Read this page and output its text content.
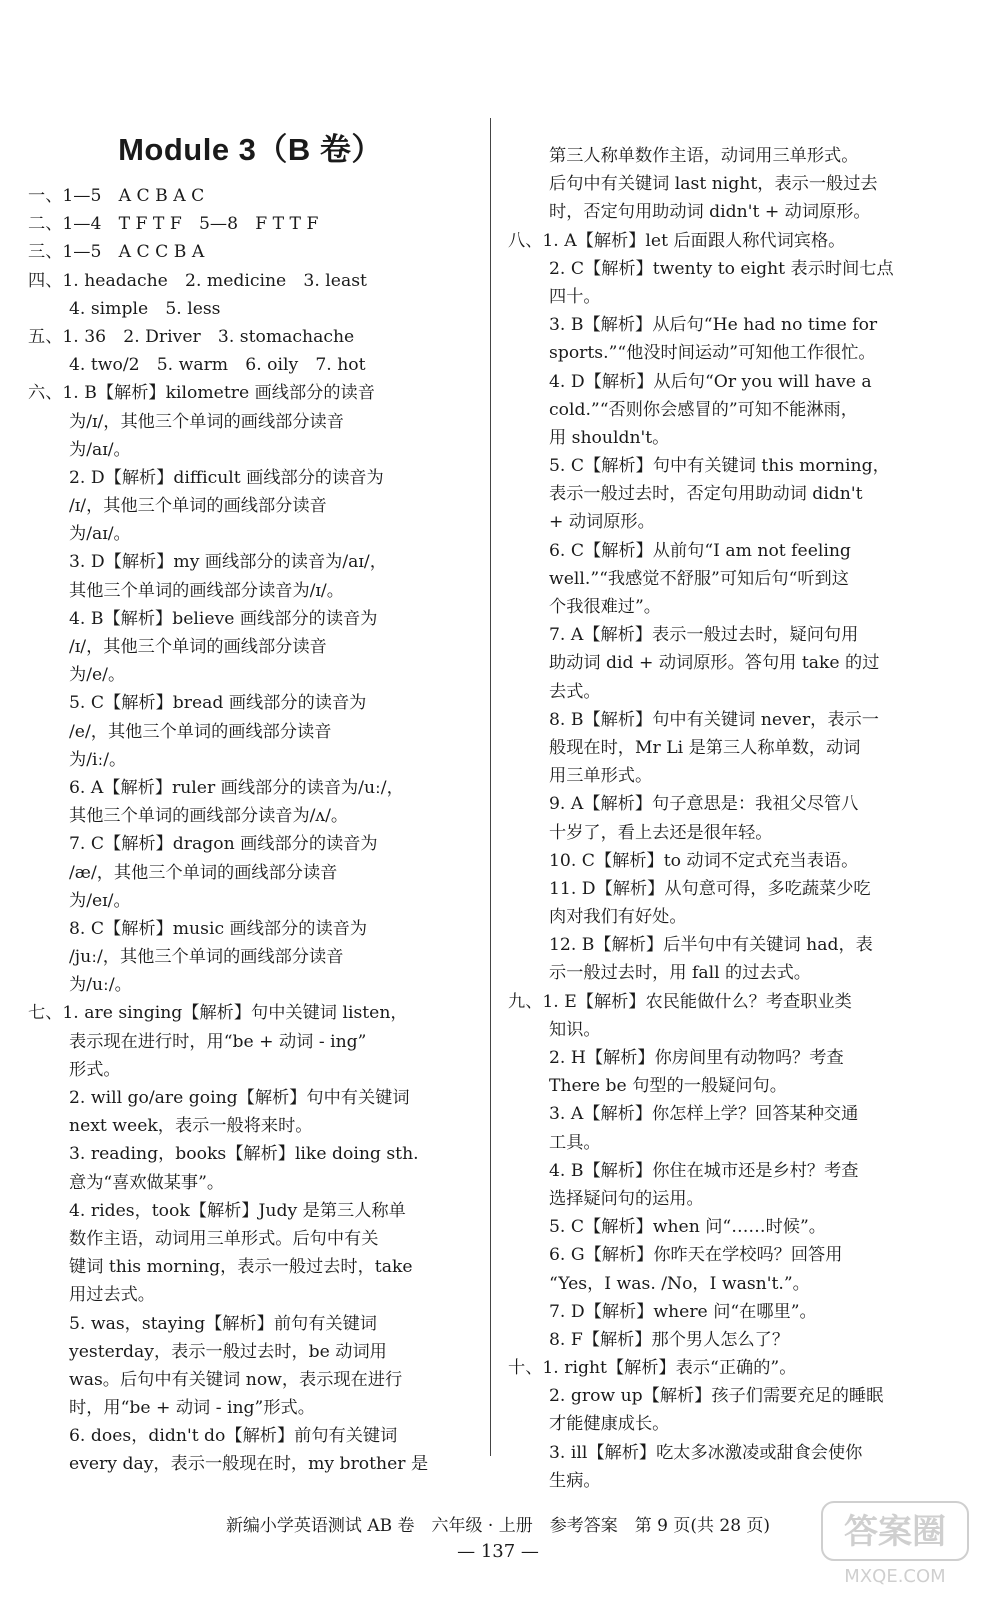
Module 3（B 卷）
一、1—5　A C B A C
二、1—4　T F T F　5—8　F T T F
三、1—5　A C C B A
四、1. headache　2. medicine　3. least
4. simple　5. less
五、1. 36　2. Driver　3. stomachache
4. two/2　5. warm　6. oily　7. hot
六、1. B【解析】kilometre 画线部分的读音
为/ɪ/，其他三个单词的画线部分读音
为/aɪ/。
2. D【解析】difficult 画线部分的读音为
/ɪ/，其他三个单词的画线部分读音
为/aɪ/。
3. D【解析】my 画线部分的读音为/aɪ/，
其他三个单词的画线部分读音为/ɪ/。
4. B【解析】believe 画线部分的读音为
/ɪ/，其他三个单词的画线部分读音
为/e/。
5. C【解析】bread 画线部分的读音为
/e/，其他三个单词的画线部分读音
为/iː/。
6. A【解析】ruler 画线部分的读音为/uː/，
其他三个单词的画线部分读音为/ʌ/。
7. C【解析】dragon 画线部分的读音为
/æ/，其他三个单词的画线部分读音
为/eɪ/。
8. C【解析】music 画线部分的读音为
/juː/，其他三个单词的画线部分读音
为/uː/。
七、1. are singing【解析】句中关键词 listen，
表示现在进行时，用“be + 动词 - ing”
形式。
2. will go/are going【解析】句中有关键词
next week，表示一般将来时。
3. reading，books【解析】like doing sth.
意为“喜欢做某事”。
4. rides，took【解析】Judy 是第三人称单
数作主语，动词用三单形式。后句中有关
键词 this morning，表示一般过去时，take
用过去式。
5. was，staying【解析】前句有关键词
yesterday，表示一般过去时，be 动词用
was。后句中有关键词 now，表示现在进行
时，用“be + 动词 - ing”形式。
6. does，didn't do【解析】前句有关键词
every day，表示一般现在时，my brother 是
第三人称单数作主语，动词用三单形式。
后句中有关键词 last night，表示一般过去
时，否定句用助动词 didn't + 动词原形。
八、1. A【解析】let 后面跟人称代词宾格。
2. C【解析】twenty to eight 表示时间七点
四十。
3. B【解析】从后句“He had no time for
sports.”“他没时间运动”可知他工作很忙。
4. D【解析】从后句“Or you will have a
cold.”“否则你会感冒的”可知不能淋雨，
用 shouldn't。
5. C【解析】句中有关键词 this morning，
表示一般过去时，否定句用助动词 didn't
+ 动词原形。
6. C【解析】从前句“I am not feeling
well.”“我感觉不舒服”可知后句“听到这
个我很难过”。
7. A【解析】表示一般过去时，疑问句用
助动词 did + 动词原形。答句用 take 的过
去式。
8. B【解析】句中有关键词 never，表示一
般现在时，Mr Li 是第三人称单数，动词
用三单形式。
9. A【解析】句子意思是：我祖父尽管八
十岁了，看上去还是很年轻。
10. C【解析】to 动词不定式充当表语。
11. D【解析】从句意可得，多吃蔬菜少吃
肉对我们有好处。
12. B【解析】后半句中有关键词 had，表
示一般过去时，用 fall 的过去式。
九、1. E【解析】农民能做什么？考查职业类
知识。
2. H【解析】你房间里有动物吗？考查
There be 句型的一般疑问句。
3. A【解析】你怎样上学？回答某种交通
工具。
4. B【解析】你住在城市还是乡村？考查
选择疑问句的运用。
5. C【解析】when 问“……时候”。
6. G【解析】你昨天在学校吗？回答用
“Yes，I was. /No，I wasn't.”。
7. D【解析】where 问“在哪里”。
8. F【解析】那个男人怎么了？
十、1. right【解析】表示“正确的”。
2. grow up【解析】孩子们需要充足的睡眠
才能健康成长。
3. ill【解析】吃太多冰激凌或甜食会使你
生病。
新编小学英语测试 AB 卷　六年级 · 上册　参考答案　第 9 页(共 28 页)
— 137 —	答案圈
MXQE.COM
